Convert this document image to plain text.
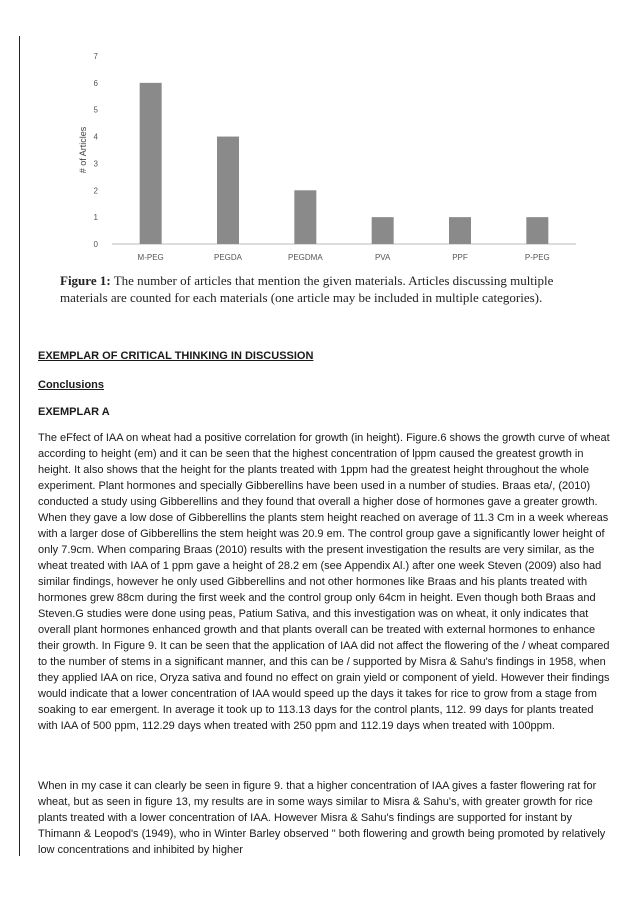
0
1
2
3
4
5
6
7
# of Articles
M-PEG	PEGDA	PEGDMA	PVA	PPF	P-PEG
Figure 1: The number of articles that mention the given materials. Articles discussing multiple materials are counted for each materials (one article may be included in multiple categories).
EXEMPLAR OF CRITICAL THINKING IN DISCUSSION
Conclusions
EXEMPLAR A

The eFfect of IAA on wheat had a positive correlation for growth (in height). Figure.6 shows the growth curve of wheat according to height (em) and it can be seen that the highest concentration of lppm caused the greatest growth in height. It also shows that the height for the plants treated with 1ppm had the greatest height throughout the whole experiment. Plant hormones and specially Gibberellins have been used in a number of studies. Braas eta/, (2010) conducted a study using Gibberellins and they found that overall a higher dose of hormones gave a greater growth. When they gave a low dose of Gibberellins the plants stem height reached on average of 11.3 Cm in a week whereas with a larger dose of Gibberellins the stem height was 20.9 em. The control group gave a significantly lower height of only 7.9cm. When comparing Braas (2010) results with the present investigation the results are very similar, as the wheat treated with IAA of 1 ppm gave a height of 28.2 em (see Appendix Al.) after one week Steven (2009) also had similar findings, however he only used Gibberellins and not other hormones like Braas and his plants treated with hormones grew 88cm during the first week and the control group only 64cm in height. Even though both Braas and Steven.G studies were done using peas, Patium Sativa, and this investigation was on wheat, it only indicates that overall plant hormones enhanced growth and that plants overall can be treated with external hormones to enhance their growth. In Figure 9. It can be seen that the application of IAA did not affect the flowering of the / wheat compared to the number of stems in a significant manner, and this can be / supported by Misra & Sahu's findings in 1958, when they applied IAA on rice, Oryza sativa and found no effect on grain yield or component of yield. However their findings would indicate that a lower concentration of IAA would speed up the days it takes for rice to grow from a stage from soaking to ear emergent. In average it took up to 113.13 days for the control plants, 112. 99 days for plants treated with IAA of 500 ppm, 112.29 days when treated with 250 ppm and 112.19 days when treated with 100ppm.

When in my case it can clearly be seen in figure 9. that a higher concentration of IAA gives a faster flowering rat for wheat, but as seen in figure 13, my results are in some ways similar to Misra & Sahu's, with greater growth for rice plants treated with a lower concentration of IAA. However Misra & Sahu's findings are supported for instant by Thimann & Leopod's (1949), who in Winter Barley observed " both flowering and growth being promoted by relatively low concentrations and inhibited by higher
